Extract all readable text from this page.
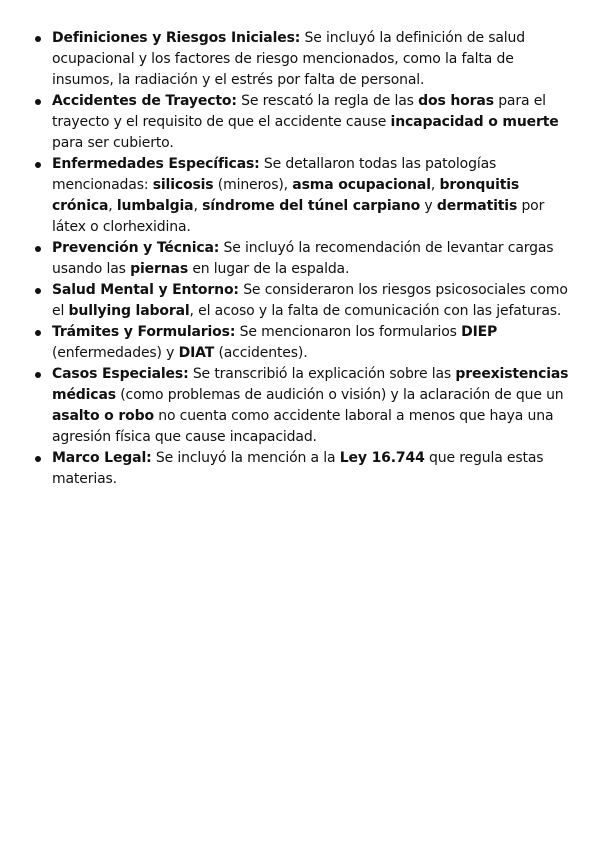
Definiciones y Riesgos Iniciales: Se incluyó la definición de salud ocupacional y los factores de riesgo mencionados, como la falta de insumos, la radiación y el estrés por falta de personal.
Accidentes de Trayecto: Se rescató la regla de las dos horas para el trayecto y el requisito de que el accidente cause incapacidad o muerte para ser cubierto.
Enfermedades Específicas: Se detallaron todas las patologías mencionadas: silicosis (mineros), asma ocupacional, bronquitis crónica, lumbalgia, síndrome del túnel carpiano y dermatitis por látex o clorhexidina.
Prevención y Técnica: Se incluyó la recomendación de levantar cargas usando las piernas en lugar de la espalda.
Salud Mental y Entorno: Se consideraron los riesgos psicosociales como el bullying laboral, el acoso y la falta de comunicación con las jefaturas.
Trámites y Formularios: Se mencionaron los formularios DIEP (enfermedades) y DIAT (accidentes).
Casos Especiales: Se transcribió la explicación sobre las preexistencias médicas (como problemas de audición o visión) y la aclaración de que un asalto o robo no cuenta como accidente laboral a menos que haya una agresión física que cause incapacidad.
Marco Legal: Se incluyó la mención a la Ley 16.744 que regula estas materias.
